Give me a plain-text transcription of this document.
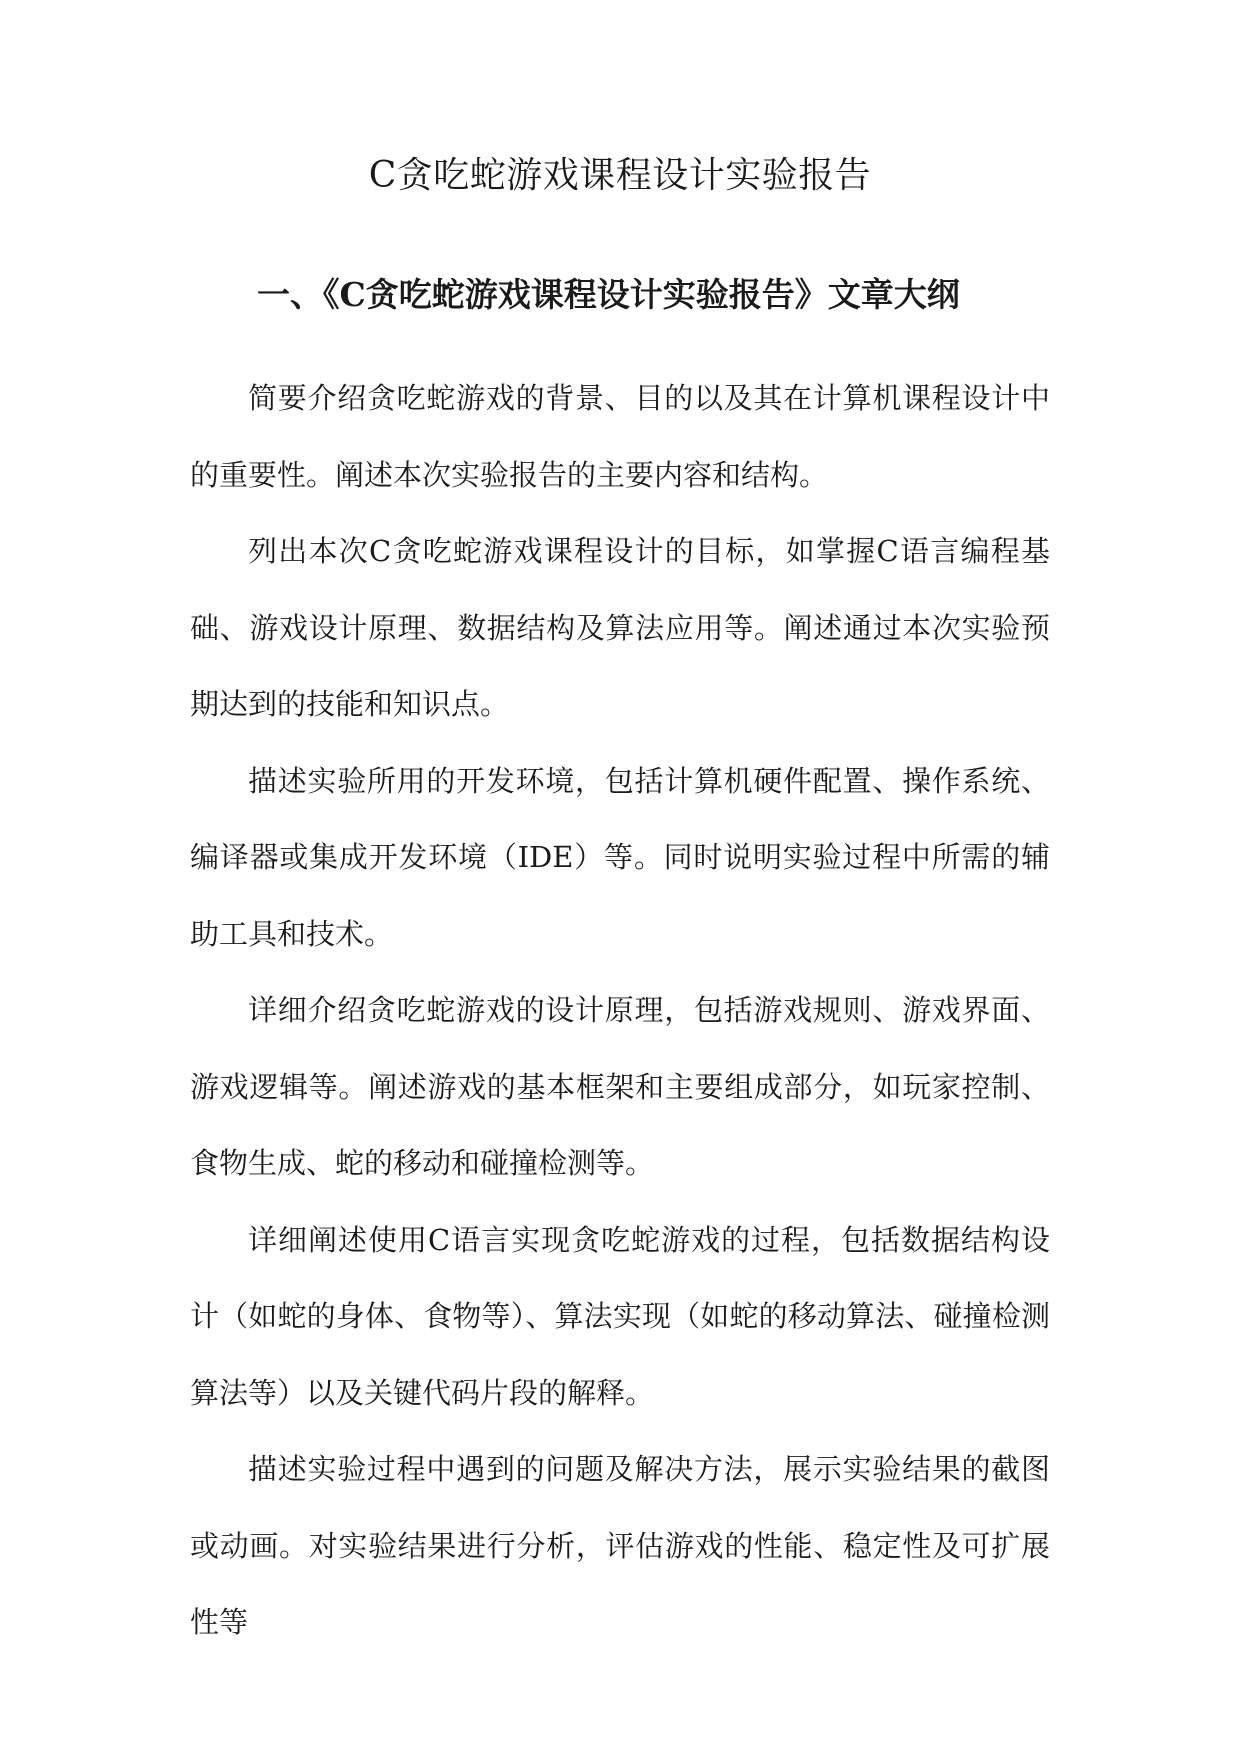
C贪吃蛇游戏课程设计实验报告
一、《C贪吃蛇游戏课程设计实验报告》文章大纲

简要介绍贪吃蛇游戏的背景、目的以及其在计算机课程设计中的重要性。阐述本次实验报告的主要内容和结构。

列出本次C贪吃蛇游戏课程设计的目标，如掌握C语言编程基础、游戏设计原理、数据结构及算法应用等。阐述通过本次实验预期达到的技能和知识点。

描述实验所用的开发环境，包括计算机硬件配置、操作系统、编译器或集成开发环境（IDE）等。同时说明实验过程中所需的辅助工具和技术。

详细介绍贪吃蛇游戏的设计原理，包括游戏规则、游戏界面、游戏逻辑等。阐述游戏的基本框架和主要组成部分，如玩家控制、食物生成、蛇的移动和碰撞检测等。

详细阐述使用C语言实现贪吃蛇游戏的过程，包括数据结构设计（如蛇的身体、食物等）、算法实现（如蛇的移动算法、碰撞检测算法等）以及关键代码片段的解释。

描述实验过程中遇到的问题及解决方法，展示实验结果的截图或动画。对实验结果进行分析，评估游戏的性能、稳定性及可扩展性等
